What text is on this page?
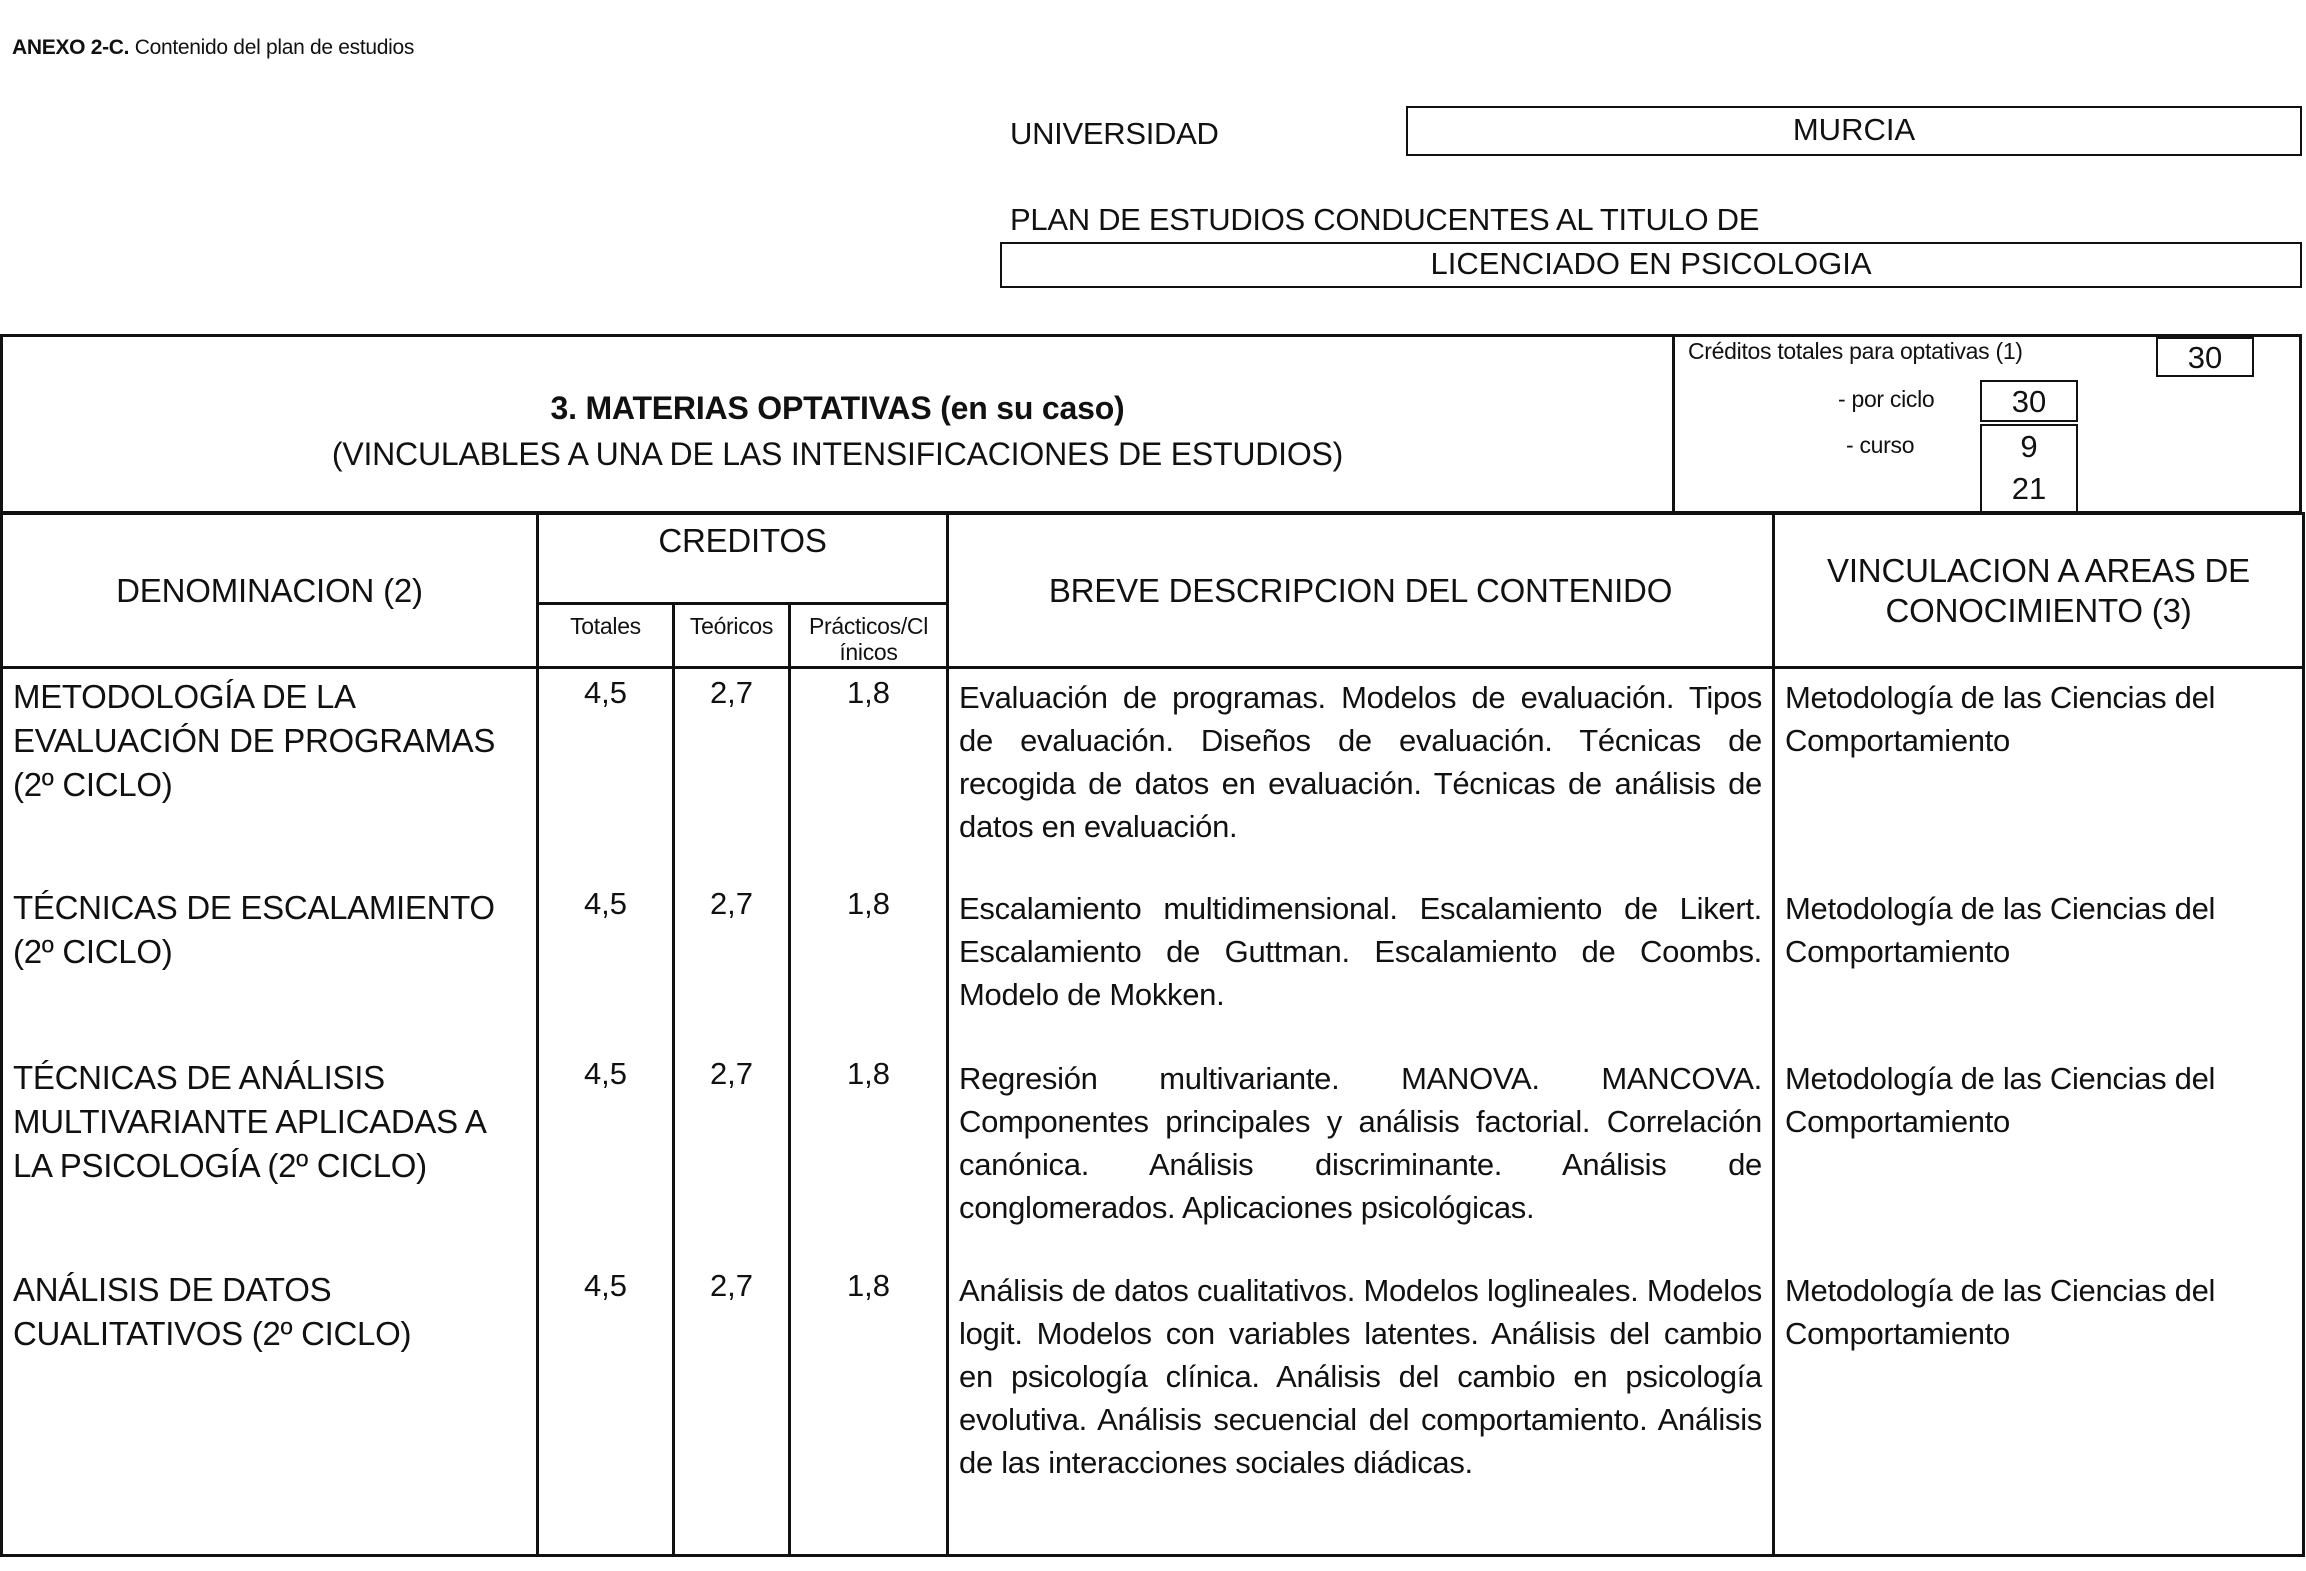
ANEXO 2-C. Contenido del plan de estudios
UNIVERSIDAD	MURCIA
PLAN DE ESTUDIOS CONDUCENTES AL TITULO DE
LICENCIADO EN PSICOLOGIA
3. MATERIAS OPTATIVAS (en su caso)
(VINCULABLES A UNA DE LAS INTENSIFICACIONES DE ESTUDIOS)
Créditos totales para optativas (1)	30
- por ciclo	30
- curso	9
21
DENOMINACION (2)	CREDITOS			BREVE DESCRIPCION DEL CONTENIDO	VINCULACION A AREAS DE CONOCIMIENTO (3)
	Totales	Teóricos	Prácticos/Cl
ínicos		

METODOLOGÍA DE LA EVALUACIÓN DE PROGRAMAS (2º CICLO)	4,5	2,7	1,8	Evaluación de programas. Modelos de evaluación. Tipos de evaluación. Diseños de evaluación. Técnicas de recogida de datos en evaluación. Técnicas de análisis de datos en evaluación.	Metodología de las Ciencias del Comportamiento
TÉCNICAS DE ESCALAMIENTO (2º CICLO)	4,5	2,7	1,8	Escalamiento multidimensional. Escalamiento de Likert. Escalamiento de Guttman. Escalamiento de Coombs. Modelo de Mokken.	Metodología de las Ciencias del Comportamiento
TÉCNICAS DE ANÁLISIS MULTIVARIANTE APLICADAS A LA PSICOLOGÍA (2º CICLO)	4,5	2,7	1,8	Regresión multivariante. MANOVA. MANCOVA. Componentes principales y análisis factorial. Correlación canónica. Análisis discriminante. Análisis de conglomerados. Aplicaciones psicológicas.	Metodología de las Ciencias del Comportamiento
ANÁLISIS DE DATOS CUALITATIVOS (2º CICLO)	4,5	2,7	1,8	Análisis de datos cualitativos. Modelos loglineales. Modelos logit. Modelos con variables latentes. Análisis del cambio en psicología clínica. Análisis del cambio en psicología evolutiva. Análisis secuencial del comportamiento. Análisis de las interacciones sociales diádicas.	Metodología de las Ciencias del Comportamiento
